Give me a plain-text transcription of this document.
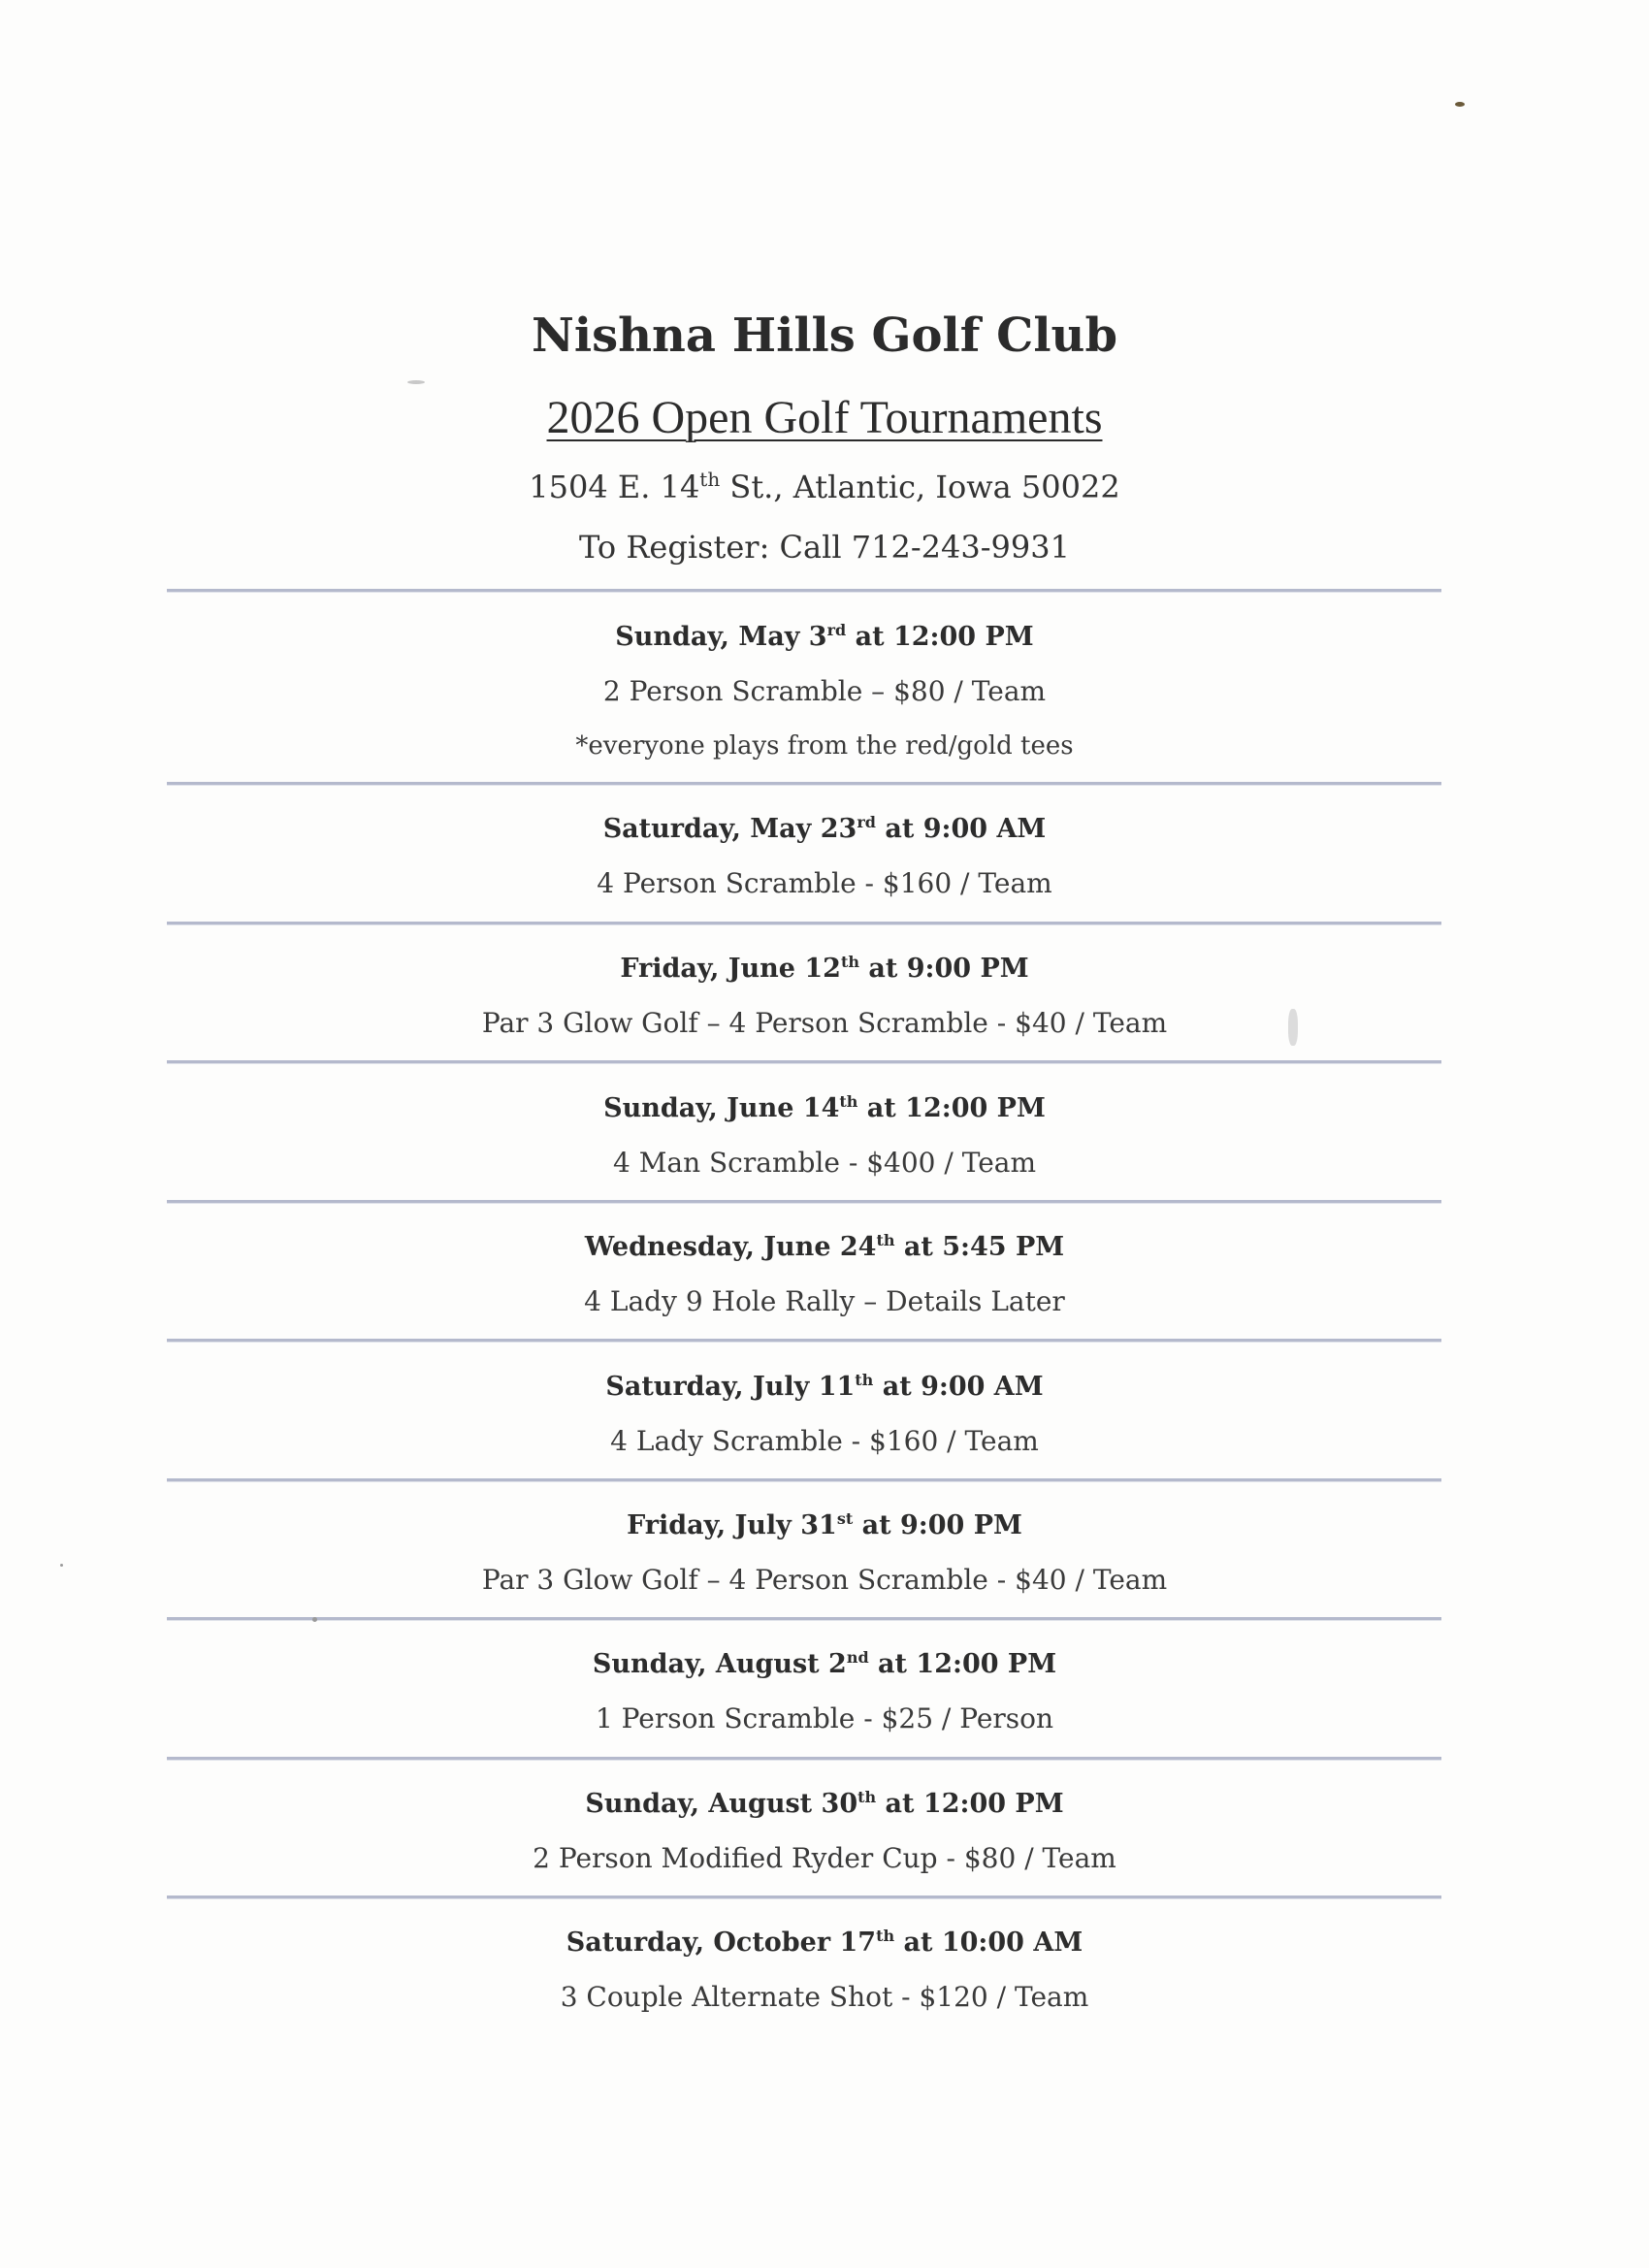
Nishna Hills Golf Club
2026 Open Golf Tournaments
1504 E. 14th St., Atlantic, Iowa 50022
To Register: Call 712-243-9931
Sunday, May 3rd at 12:00 PM
2 Person Scramble – $80 / Team
*everyone plays from the red/gold tees
Saturday, May 23rd at 9:00 AM
4 Person Scramble - $160 / Team
Friday, June 12th at 9:00 PM
Par 3 Glow Golf – 4 Person Scramble - $40 / Team
Sunday, June 14th at 12:00 PM
4 Man Scramble - $400 / Team
Wednesday, June 24th at 5:45 PM
4 Lady 9 Hole Rally – Details Later
Saturday, July 11th at 9:00 AM
4 Lady Scramble - $160 / Team
Friday, July 31st at 9:00 PM
Par 3 Glow Golf – 4 Person Scramble - $40 / Team
Sunday, August 2nd at 12:00 PM
1 Person Scramble - $25 / Person
Sunday, August 30th at 12:00 PM
2 Person Modified Ryder Cup - $80 / Team
Saturday, October 17th at 10:00 AM
3 Couple Alternate Shot - $120 / Team
